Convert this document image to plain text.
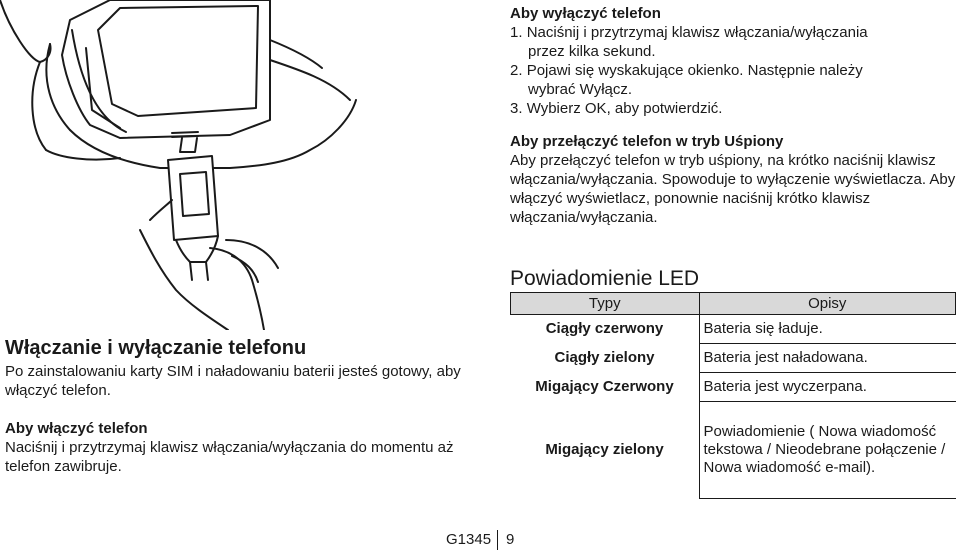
Włączanie i wyłączanie telefonu

Po zainstalowaniu karty SIM i naładowaniu baterii jesteś gotowy, aby włączyć telefon.

Aby włączyć telefon

Naciśnij i przytrzymaj klawisz włączania/wyłączania do momentu aż telefon zawibruje.

Aby wyłączyć telefon
1. Naciśnij i przytrzymaj klawisz włączania/wyłączania
przez kilka sekund.
2. Pojawi się wyskakujące okienko. Następnie należy
wybrać Wyłącz.
3. Wybierz OK, aby potwierdzić.
Aby przełączyć telefon w tryb Uśpiony

Aby przełączyć telefon w tryb uśpiony, na krótko naciśnij klawisz włączania/wyłączania. Spowoduje to wyłączenie wyświetlacza. Aby włączyć wyświetlacz, ponownie naciśnij krótko klawisz włączania/wyłączania.

Powiadomienie LED
Typy	Opisy
Ciągły czerwony	Bateria się ładuje.
Ciągły zielony	Bateria jest naładowana.
Migający Czerwony	Bateria jest wyczerpana.
Migający zielony	Powiadomienie ( Nowa wiadomość tekstowa / Nieodebrane połączenie / Nowa wiadomość e-mail).
G1345 9
